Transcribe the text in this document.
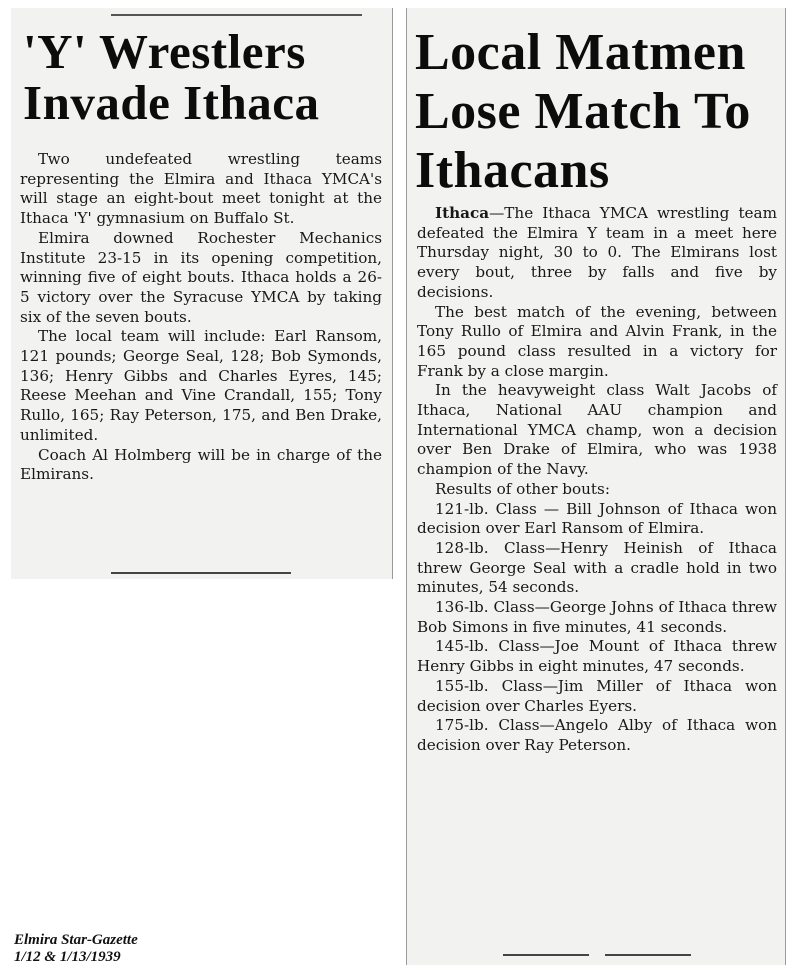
'Y' Wrestlers Invade Ithaca

Two undefeated wrestling teams representing the Elmira and Ithaca YMCA's will stage an eight-bout meet tonight at the Ithaca 'Y' gymnasium on Buffalo St.

Elmira downed Rochester Mechanics Institute 23-15 in its opening competition, winning five of eight bouts. Ithaca holds a 26-5 victory over the Syracuse YMCA by taking six of the seven bouts.

The local team will include: Earl Ransom, 121 pounds; George Seal, 128; Bob Symonds, 136; Henry Gibbs and Charles Eyres, 145; Reese Meehan and Vine Crandall, 155; Tony Rullo, 165; Ray Peterson, 175, and Ben Drake, unlimited.

Coach Al Holmberg will be in charge of the Elmirans.

Local Matmen Lose Match To Ithacans

Ithaca—The Ithaca YMCA wrestling team defeated the Elmira Y team in a meet here Thursday night, 30 to 0. The Elmirans lost every bout, three by falls and five by decisions.

The best match of the evening, between Tony Rullo of Elmira and Alvin Frank, in the 165 pound class resulted in a victory for Frank by a close margin.

In the heavyweight class Walt Jacobs of Ithaca, National AAU champion and International YMCA champ, won a decision over Ben Drake of Elmira, who was 1938 champion of the Navy.

Results of other bouts:

121-lb. Class — Bill Johnson of Ithaca won decision over Earl Ransom of Elmira.

128-lb. Class—Henry Heinish of Ithaca threw George Seal with a cradle hold in two minutes, 54 seconds.

136-lb. Class—George Johns of Ithaca threw Bob Simons in five minutes, 41 seconds.

145-lb. Class—Joe Mount of Ithaca threw Henry Gibbs in eight minutes, 47 seconds.

155-lb. Class—Jim Miller of Ithaca won decision over Charles Eyers.

175-lb. Class—Angelo Alby of Ithaca won decision over Ray Peterson.

Elmira Star-Gazette
1/12 & 1/13/1939
